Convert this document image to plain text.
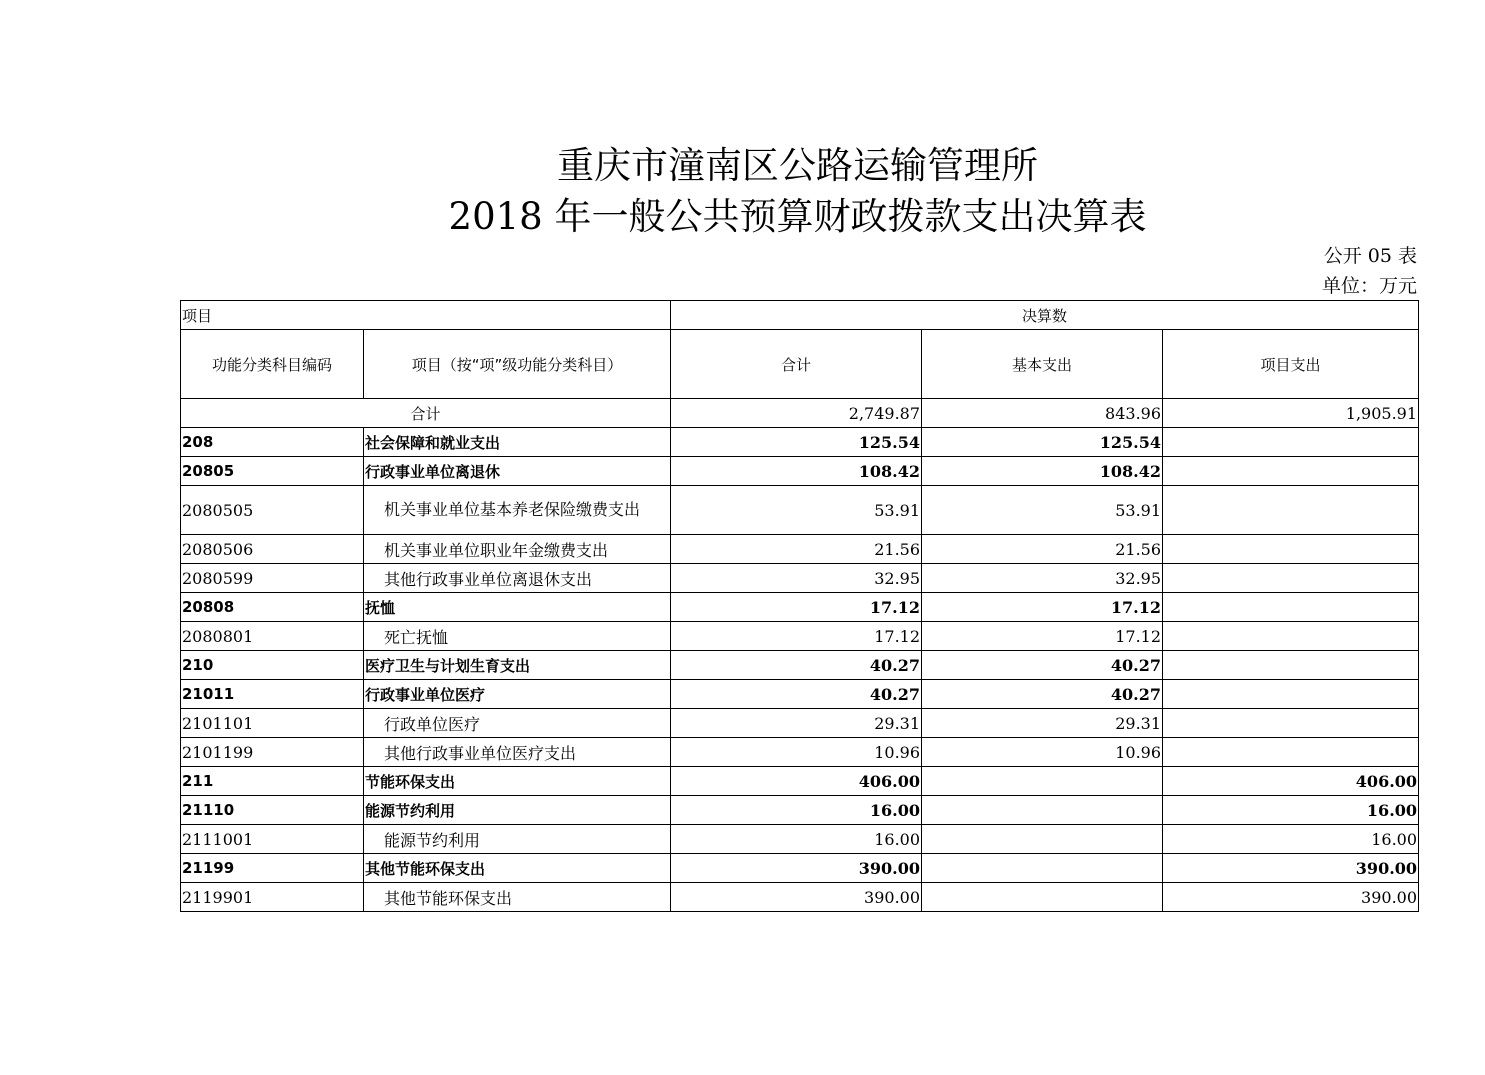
重庆市潼南区公路运输管理所
2018 年一般公共预算财政拨款支出决算表
公开 05 表
单位：万元
项目		决算数		
功能分类科目编码	项目（按“项”级功能分类科目）	合计	基本支出	项目支出
合计		2,749.87	843.96	1,905.91
208	社会保障和就业支出	125.54	125.54	
20805	行政事业单位离退休	108.42	108.42	
2080505	机关事业单位基本养老保险缴费支出	53.91	53.91	
2080506	机关事业单位职业年金缴费支出	21.56	21.56	
2080599	其他行政事业单位离退休支出	32.95	32.95	
20808	抚恤	17.12	17.12	
2080801	死亡抚恤	17.12	17.12	
210	医疗卫生与计划生育支出	40.27	40.27	
21011	行政事业单位医疗	40.27	40.27	
2101101	行政单位医疗	29.31	29.31	
2101199	其他行政事业单位医疗支出	10.96	10.96	
211	节能环保支出	406.00		406.00
21110	能源节约利用	16.00		16.00
2111001	能源节约利用	16.00		16.00
21199	其他节能环保支出	390.00		390.00
2119901	其他节能环保支出	390.00		390.00
